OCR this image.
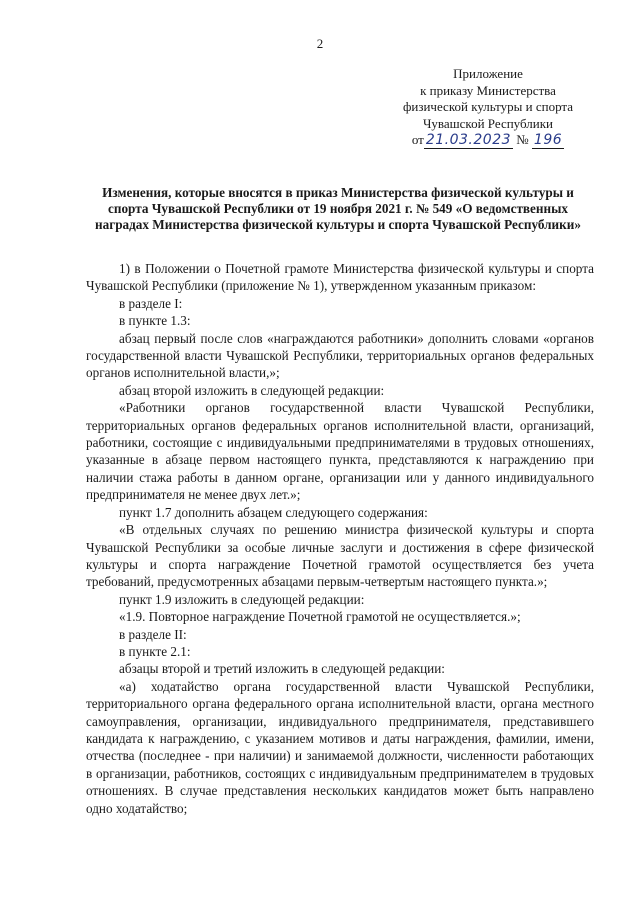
2
Приложение
к приказу Министерства
физической культуры и спорта
Чувашской Республики
от 21.03.2023 № 196
Изменения, которые вносятся в приказ Министерства физической культуры и спорта Чувашской Республики от 19 ноября 2021 г. № 549 «О ведомственных наградах Министерства физической культуры и спорта Чувашской Республики»

1) в Положении о Почетной грамоте Министерства физической культуры и спорта Чувашской Республики (приложение № 1), утвержденном указанным приказом:

в разделе I:

в пункте 1.3:

абзац первый после слов «награждаются работники» дополнить словами «органов государственной власти Чувашской Республики, территориальных органов федеральных органов исполнительной власти,»;

абзац второй изложить в следующей редакции:

«Работники органов государственной власти Чувашской Республики, территориальных органов федеральных органов исполнительной власти, организаций, работники, состоящие с индивидуальными предпринимателями в трудовых отношениях, указанные в абзаце первом настоящего пункта, представляются к награждению при наличии стажа работы в данном органе, организации или у данного индивидуального предпринимателя не менее двух лет.»;

пункт 1.7 дополнить абзацем следующего содержания:

«В отдельных случаях по решению министра физической культуры и спорта Чувашской Республики за особые личные заслуги и достижения в сфере физической культуры и спорта награждение Почетной грамотой осуществляется без учета требований, предусмотренных абзацами первым-четвертым настоящего пункта.»;

пункт 1.9 изложить в следующей редакции:

«1.9. Повторное награждение Почетной грамотой не осуществляется.»;

в разделе II:

в пункте 2.1:

абзацы второй и третий изложить в следующей редакции:

«а) ходатайство органа государственной власти Чувашской Республики, территориального органа федерального органа исполнительной власти, органа местного самоуправления, организации, индивидуального предпринимателя, представившего кандидата к награждению, с указанием мотивов и даты награждения, фамилии, имени, отчества (последнее - при наличии) и занимаемой должности, численности работающих в организации, работников, состоящих с индивидуальным предпринимателем в трудовых отношениях. В случае представления нескольких кандидатов может быть направлено одно ходатайство;
